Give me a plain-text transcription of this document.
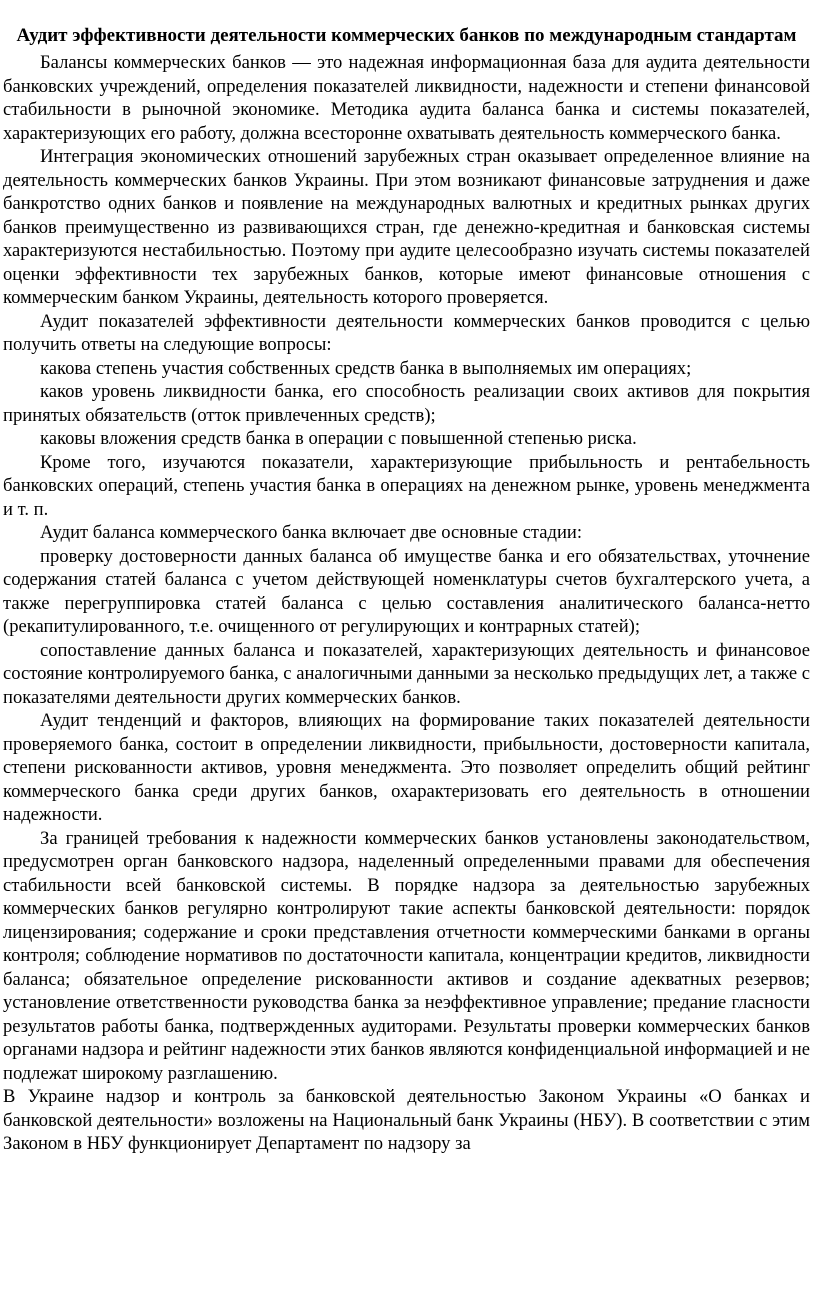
Аудит эффективности деятельности коммерческих банков по международным стандартам

Балансы коммерческих банков — это надежная информационная база для аудита деятельности банковских учреждений, определения показателей ликвидности, надежности и степени финансовой стабильности в рыночной экономике. Методика аудита баланса банка и системы показателей, характеризующих его работу, должна всесторонне охватывать деятельность коммерческого банка.

Интеграция экономических отношений зарубежных стран оказывает определенное влияние на деятельность коммерческих банков Украины. При этом возникают финансовые затруднения и даже банкротство одних банков и появление на международных валютных и кредитных рынках других банков преимущественно из развивающихся стран, где денежно-кредитная и банковская системы характеризуются нестабильностью. Поэтому при аудите целесообразно изучать системы показателей оценки эффективности тех зарубежных банков, которые имеют финансовые отношения с коммерческим банком Украины, деятельность которого проверяется.

Аудит показателей эффективности деятельности коммерческих банков проводится с целью получить ответы на следующие вопросы:

какова степень участия собственных средств банка в выполняемых им операциях;

каков уровень ликвидности банка, его способность реализации своих активов для покрытия принятых обязательств (отток привлеченных средств);

каковы вложения средств банка в операции с повышенной степенью риска.

Кроме того, изучаются показатели, характеризующие прибыльность и рентабельность банковских операций, степень участия банка в операциях на денежном рынке, уровень менеджмента и т. п.

Аудит баланса коммерческого банка включает две основные стадии:

проверку достоверности данных баланса об имуществе банка и его обязательствах, уточнение содержания статей баланса с учетом действующей номенклатуры счетов бухгалтерского учета, а также перегруппировка статей баланса с целью составления аналитического баланса-нетто (рекапитулированного, т.е. очищенного от регулирующих и контрарных статей);

сопоставление данных баланса и показателей, характеризующих деятельность и финансовое состояние контролируемого банка, с аналогичными данными за несколько предыдущих лет, а также с показателями деятельности других коммерческих банков.

Аудит тенденций и факторов, влияющих на формирование таких показателей деятельности проверяемого банка, состоит в определении ликвидности, прибыльности, достоверности капитала, степени рискованности активов, уровня менеджмента. Это позволяет определить общий рейтинг коммерческого банка среди других банков, охарактеризовать его деятельность в отношении надежности.

За границей требования к надежности коммерческих банков установлены законодательством, предусмотрен орган банковского надзора, наделенный определенными правами для обеспечения стабильности всей банковской системы. В порядке надзора за деятельностью зарубежных коммерческих банков регулярно контролируют такие аспекты банковской деятельности: порядок лицензирования; содержание и сроки представления отчетности коммерческими банками в органы контроля; соблюдение нормативов по достаточности капитала, концентрации кредитов, ликвидности баланса; обязательное определение рискованности активов и создание адекватных резервов; установление ответственности руководства банка за неэффективное управление; предание гласности результатов работы банка, подтвержденных аудиторами. Результаты проверки коммерческих банков органами надзора и рейтинг надежности этих банков являются конфиденциальной информацией и не подлежат широкому разглашению.

В Украине надзор и контроль за банковской деятельностью Законом Украины «О банках и банковской деятельности» возложены на Национальный банк Украины (НБУ). В соответствии с этим Законом в НБУ функционирует Департамент по надзору за
